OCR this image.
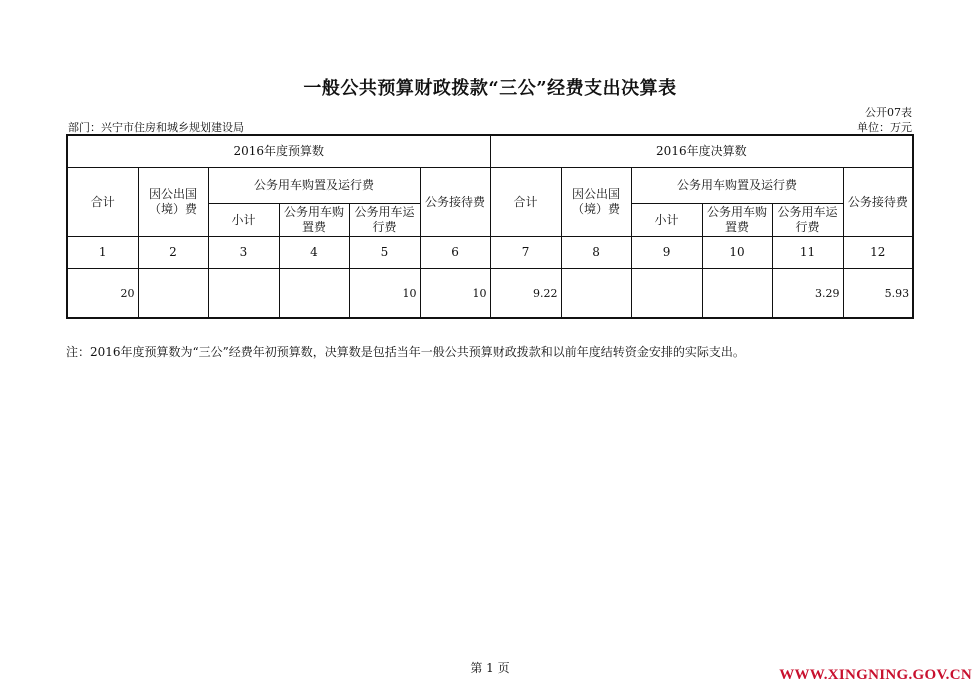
一般公共预算财政拨款“三公”经费支出决算表
公开07表
部门：兴宁市住房和城乡规划建设局	单位：万元
2016年度预算数						2016年度决算数					
合计	因公出国（境）费	公务用车购置及运行费			公务接待费	合计	因公出国（境）费	公务用车购置及运行费			公务接待费
		小计	公务用车购置费	公务用车运行费				小计	公务用车购置费	公务用车运行费	
1	2	3	4	5	6	7	8	9	10	11	12
20				10	10	9.22				3.29	5.93
注：2016年度预算数为“三公”经费年初预算数，决算数是包括当年一般公共预算财政拨款和以前年度结转资金安排的实际支出。
第 1 页	WWW.XINGNING.GOV.CN
